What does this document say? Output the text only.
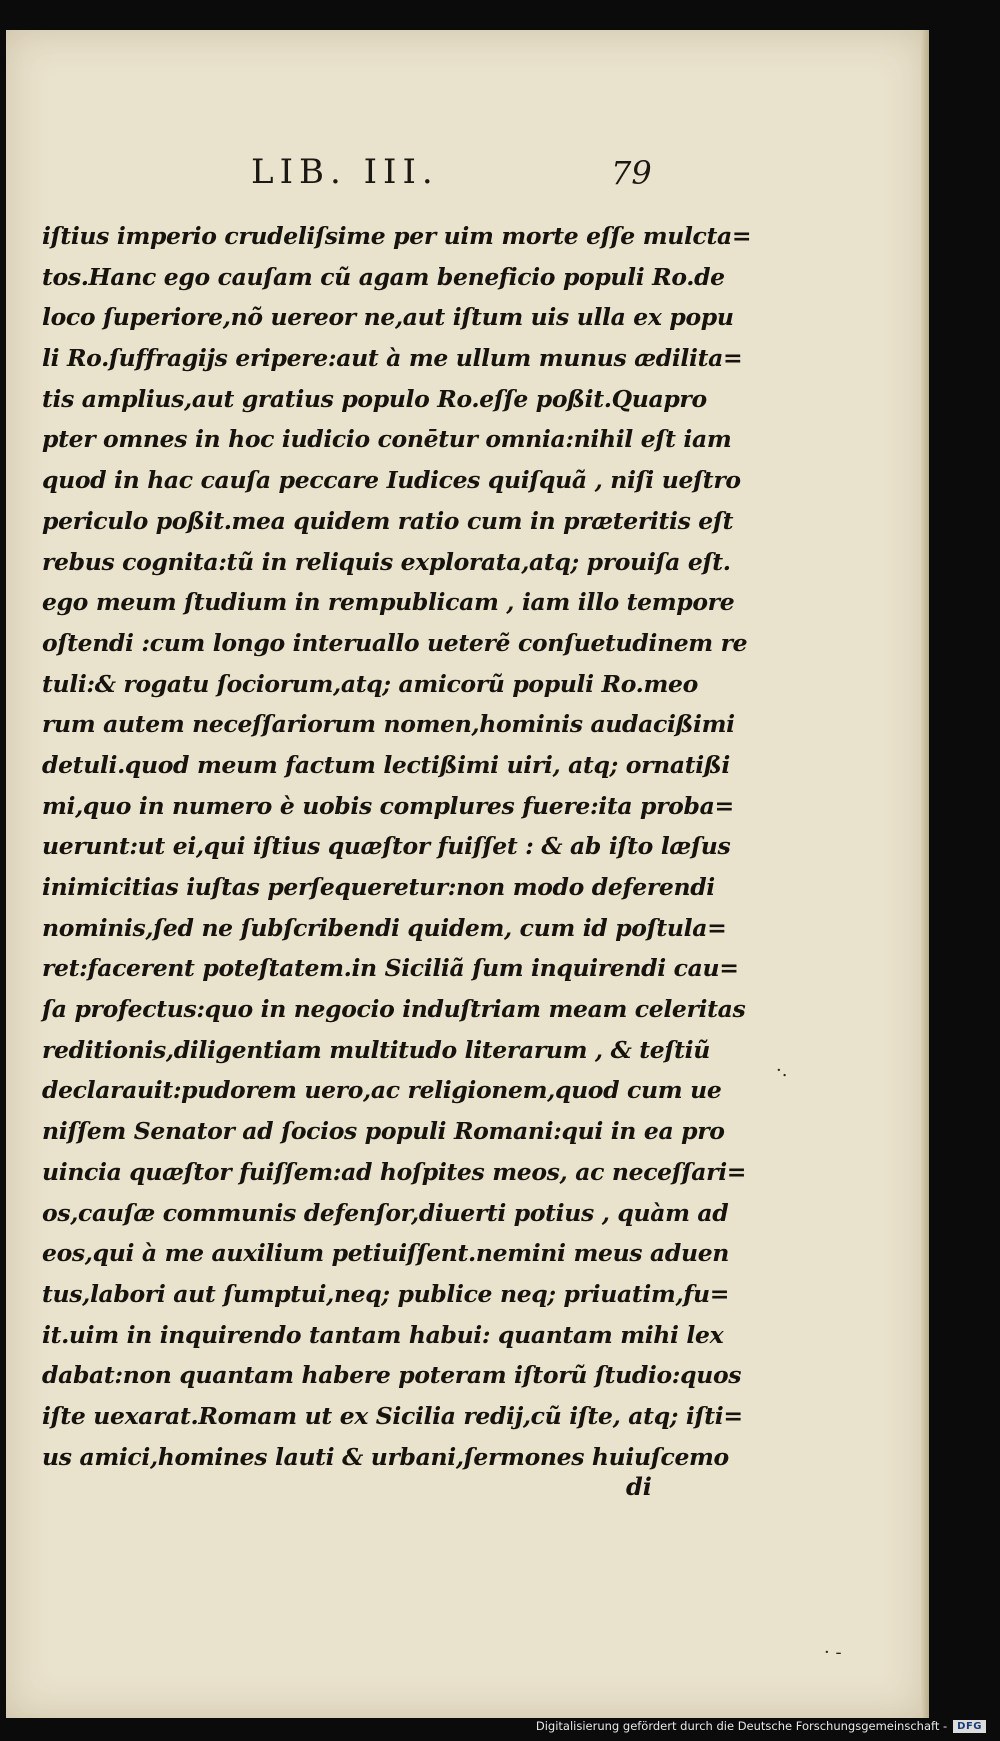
LIB. III.	79
iſtius imperio crudeliſsime per uim morte eſſe mulcta=
tos.Hanc ego cauſam cũ agam beneficio populi Ro.de
loco ſuperiore,nõ uereor ne,aut iſtum uis ulla ex popu
li Ro.ſuffragijs eripere:aut à me ullum munus ædilita=
tis amplius,aut gratius populo Ro.eſſe poßit.Quapro
pter omnes in hoc iudicio conētur omnia:nihil eſt iam
quod in hac cauſa peccare Iudices quiſquã , niſi ueſtro
periculo poßit.mea quidem ratio cum in præteritis eſt
rebus cognita:tũ in reliquis explorata,atq; prouiſa eſt.
ego meum ſtudium in rempublicam , iam illo tempore
oſtendi :cum longo interuallo ueterẽ conſuetudinem re
tuli:& rogatu ſociorum,atq; amicorũ populi Ro.meo
rum autem neceſſariorum nomen,hominis audacißimi
detuli.quod meum factum lectißimi uiri, atq; ornatißi
mi,quo in numero è uobis complures fuere:ita proba=
uerunt:ut ei,qui iſtius quæſtor fuiſſet : & ab iſto læſus
inimicitias iuſtas perſequeretur:non modo deferendi
nominis,ſed ne ſubſcribendi quidem, cum id poſtula=
ret:facerent poteſtatem.in Siciliã ſum inquirendi cau=
ſa profectus:quo in negocio induſtriam meam celeritas
reditionis,diligentiam multitudo literarum , & teſtiũ
declarauit:pudorem uero,ac religionem,quod cum ue
niſſem Senator ad ſocios populi Romani:qui in ea pro
uincia quæſtor fuiſſem:ad hoſpites meos, ac neceſſari=
os,cauſæ communis defenſor,diuerti potius , quàm ad
eos,qui à me auxilium petiuiſſent.nemini meus aduen
tus,labori aut ſumptui,neq; publice neq; priuatim,fu=
it.uim in inquirendo tantam habui: quantam mihi lex
dabat:non quantam habere poteram iſtorũ ſtudio:quos
iſte uexarat.Romam ut ex Sicilia redij,cũ iſte, atq; iſti=
us amici,homines lauti & urbani,ſermones huiuſcemo
di
·.
· -
Digitalisierung gefördert durch die Deutsche Forschungsgemeinschaft -	DFG
